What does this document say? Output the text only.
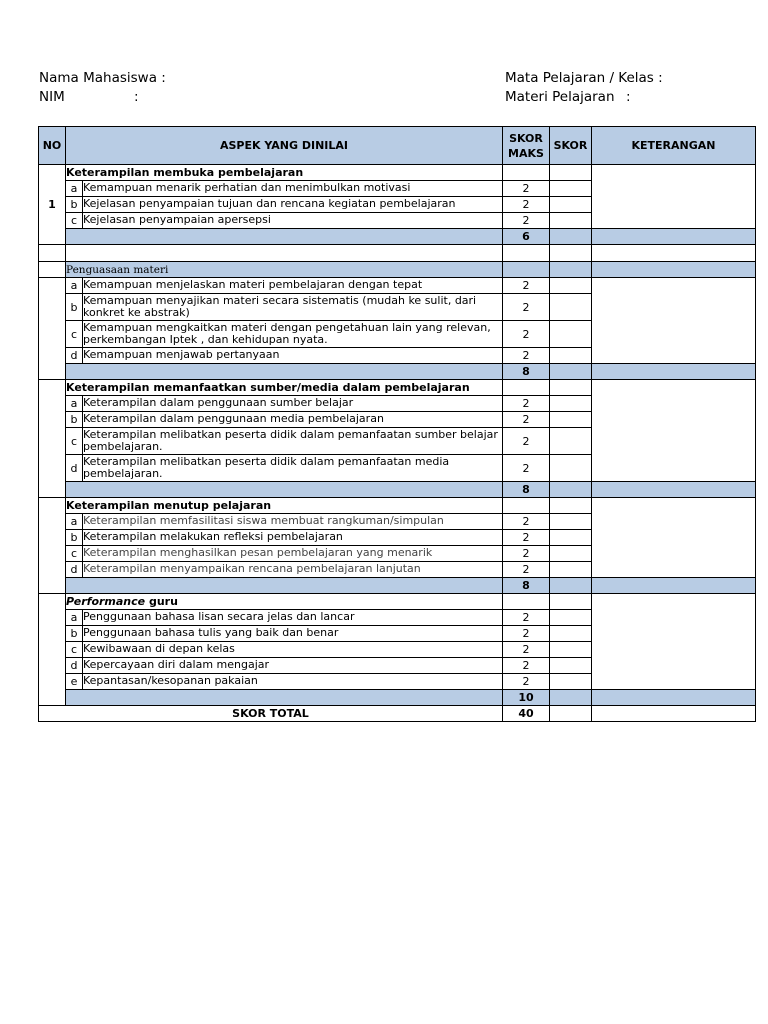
Nama Mahasiswa :
NIM	:
Mata Pelajaran / Kelas :
Materi Pelajaran :
NO	ASPEK YANG DINILAI		SKOR MAKS	SKOR	KETERANGAN
1	Keterampilan membuka pembelajaran				
	a	Kemampuan menarik perhatian dan menimbulkan motivasi	2		
	b	Kejelasan penyampaian tujuan dan rencana kegiatan pembelajaran	2		
	c	Kejelasan penyampaian apersepsi	2		
			6		

	Penguasaan materi				
	a	Kemampuan menjelaskan materi pembelajaran dengan tepat	2		
	b	Kemampuan menyajikan materi secara sistematis (mudah ke sulit, dari konkret ke abstrak)	2		
	c	Kemampuan mengkaitkan materi dengan pengetahuan lain yang relevan, perkembangan Iptek , dan kehidupan nyata.	2		
	d	Kemampuan menjawab pertanyaan	2		
			8		
	Keterampilan memanfaatkan sumber/media dalam pembelajaran				
	a	Keterampilan dalam penggunaan sumber belajar	2		
	b	Keterampilan dalam penggunaan media pembelajaran	2		
	c	Keterampilan melibatkan peserta didik dalam pemanfaatan sumber belajar pembelajaran.	2		
	d	Keterampilan melibatkan peserta didik dalam pemanfaatan media pembelajaran.	2		
			8		
	Keterampilan menutup pelajaran				
	a	Keterampilan memfasilitasi siswa membuat rangkuman/simpulan	2		
	b	Keterampilan melakukan refleksi pembelajaran	2		
	c	Keterampilan menghasilkan pesan pembelajaran yang menarik	2		
	d	Keterampilan menyampaikan rencana pembelajaran lanjutan	2		
			8		
	Performance guru				
	a	Penggunaan bahasa lisan secara jelas dan lancar	2		
	b	Penggunaan bahasa tulis yang baik dan benar	2		
	c	Kewibawaan di depan kelas	2		
	d	Kepercayaan diri dalam mengajar	2		
	e	Kepantasan/kesopanan pakaian	2		
			10		
SKOR TOTAL			40		
